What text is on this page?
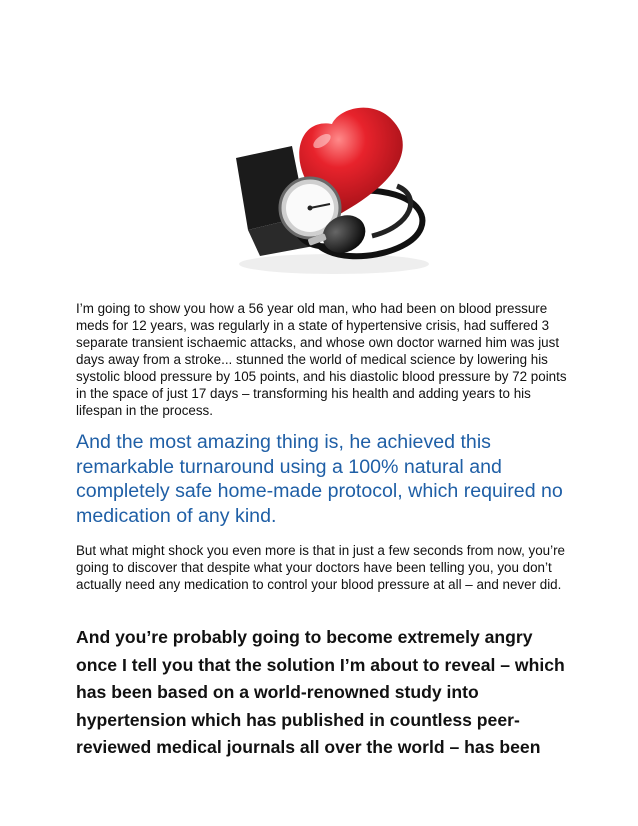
I’m going to show you how a 56 year old man, who had been on blood pressure meds for 12 years, was regularly in a state of hypertensive crisis, had suffered 3 separate transient ischaemic attacks, and whose own doctor warned him was just days away from a stroke... stunned the world of medical science by lowering his systolic blood pressure by 105 points, and his diastolic blood pressure by 72 points in the space of just 17 days – transforming his health and adding years to his lifespan in the process.

And the most amazing thing is, he achieved this remarkable turnaround using a 100% natural and completely safe home-made protocol, which required no medication of any kind.

But what might shock you even more is that in just a few seconds from now, you’re going to discover that despite what your doctors have been telling you, you don’t actually need any medication to control your blood pressure at all – and never did.

And you’re probably going to become extremely angry once I tell you that the solution I’m about to reveal – which has been based on a world-renowned study into hypertension which has published in countless peer-reviewed medical journals all over the world – has been
